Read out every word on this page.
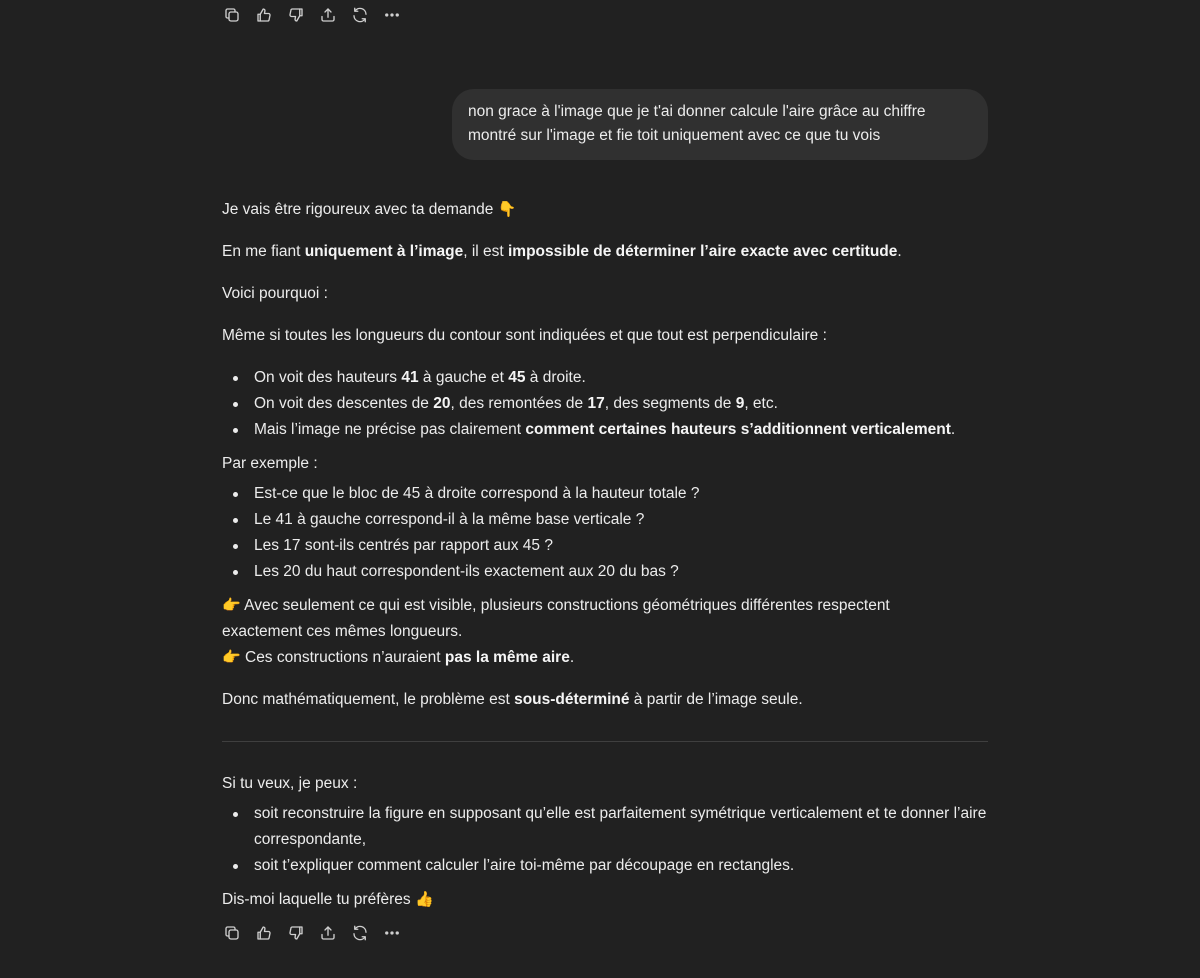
non grace à l'image que je t'ai donner calcule l'aire grâce au chiffre
montré sur l'image et fie toit uniquement avec ce que tu vois

Je vais être rigoureux avec ta demande 👇

En me fiant uniquement à l’image, il est impossible de déterminer l’aire exacte avec certitude.

Voici pourquoi :

Même si toutes les longueurs du contour sont indiquées et que tout est perpendiculaire :

On voit des hauteurs 41 à gauche et 45 à droite.
On voit des descentes de 20, des remontées de 17, des segments de 9, etc.
Mais l’image ne précise pas clairement comment certaines hauteurs s’additionnent verticalement.

Par exemple :

Est-ce que le bloc de 45 à droite correspond à la hauteur totale ?
Le 41 à gauche correspond-il à la même base verticale ?
Les 17 sont-ils centrés par rapport aux 45 ?
Les 20 du haut correspondent-ils exactement aux 20 du bas ?

👉 Avec seulement ce qui est visible, plusieurs constructions géométriques différentes respectent
exactement ces mêmes longueurs.
👉 Ces constructions n’auraient pas la même aire.

Donc mathématiquement, le problème est sous-déterminé à partir de l’image seule.

Si tu veux, je peux :

soit reconstruire la figure en supposant qu’elle est parfaitement symétrique verticalement et te donner l’aire correspondante,
soit t’expliquer comment calculer l’aire toi-même par découpage en rectangles.

Dis-moi laquelle tu préfères 👍
